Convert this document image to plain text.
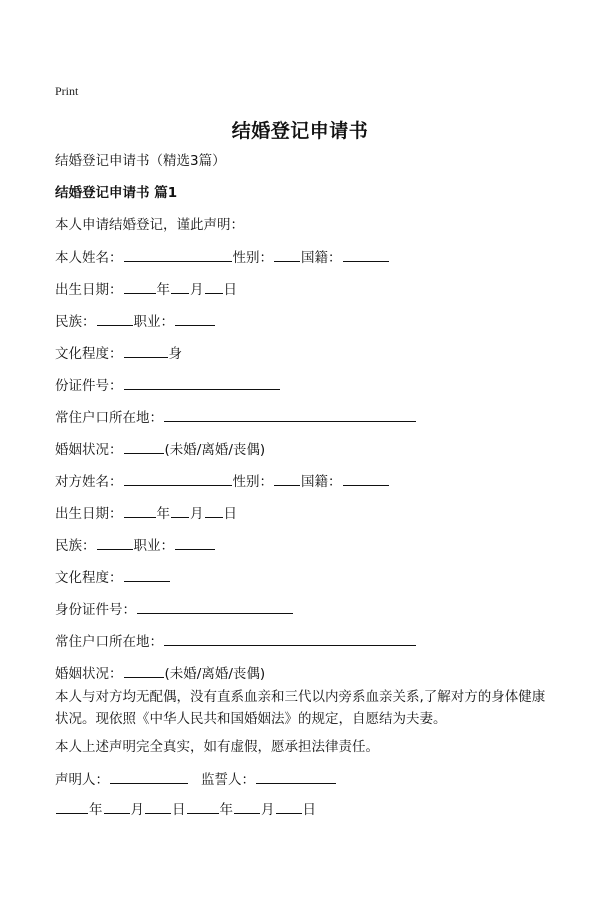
Print
结婚登记申请书
结婚登记申请书（精选3篇）
结婚登记申请书 篇1
本人申请结婚登记，谨此声明：
本人姓名：	性别： 国籍：
出生日期：	年 月 日
民族：	职业：
文化程度：	身
份证件号：
常住户口所在地：
婚姻状况：	(未婚/离婚/丧偶)
对方姓名：	性别： 国籍：
出生日期：	年 月 日
民族：	职业：
文化程度：
身份证件号：
常住户口所在地：
婚姻状况：	(未婚/离婚/丧偶)
本人与对方均无配偶，没有直系血亲和三代以内旁系血亲关系,了解对方的身体健康状况。现依照《中华人民共和国婚姻法》的规定，自愿结为夫妻。
本人上述声明完全真实，如有虚假，愿承担法律责任。
声明人：	监誓人：
年 月 日	年 月 日
